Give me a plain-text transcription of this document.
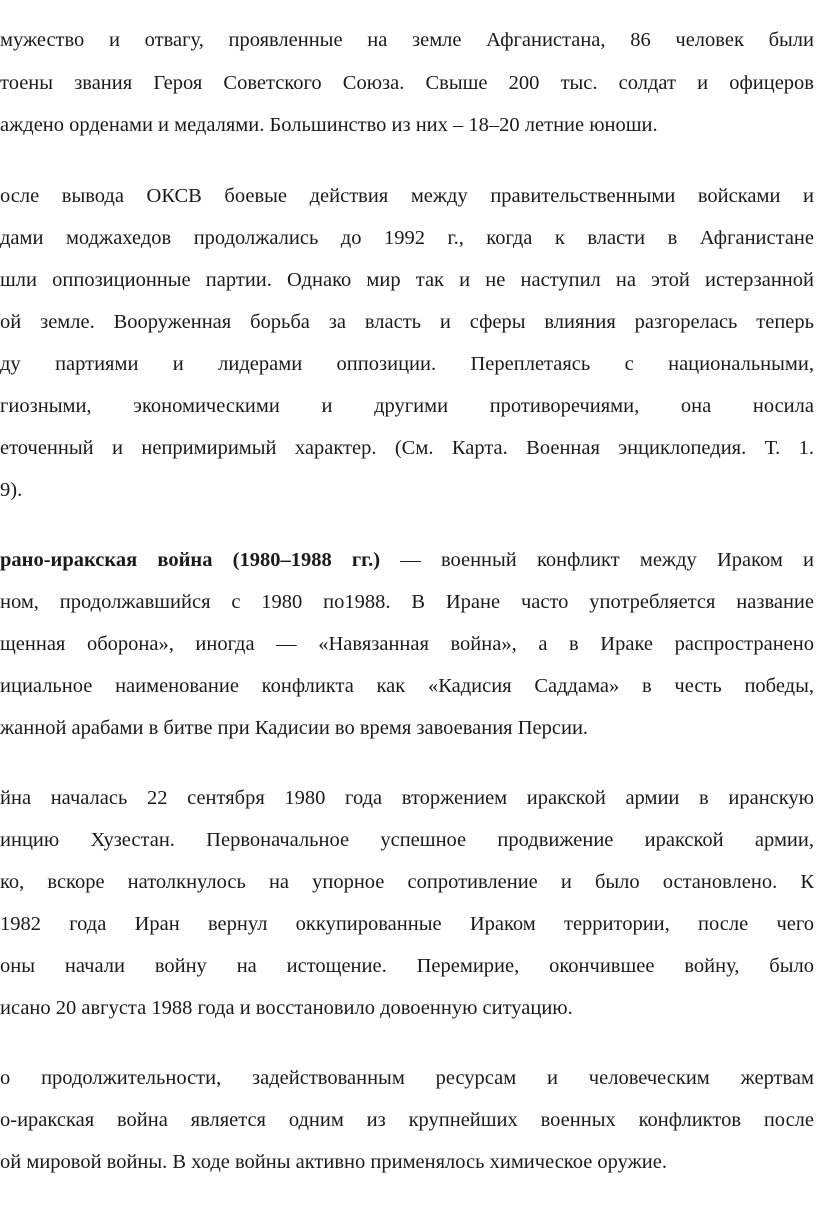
мужество и отвагу, проявленные на земле Афганистана, 86 человек были
тоены звания Героя Советского Союза. Свыше 200 тыс. солдат и офицеров
аждено орденами и медалями. Большинство из них – 18–20 летние юноши.
осле вывода ОКСВ боевые действия между правительственными войсками и
дами моджахедов продолжались до 1992 г., когда к власти в Афганистане
шли оппозиционные партии. Однако мир так и не наступил на этой истерзанной
ой земле. Вооруженная борьба за власть и сферы влияния разгорелась теперь
ду партиями и лидерами оппозиции. Переплетаясь с национальными,
гиозными, экономическими и другими противоречиями, она носила
еточенный и непримиримый характер. (См. Карта. Военная энциклопедия. Т. 1.
9).
рано-иракская война (1980–1988 гг.) — военный конфликт между Ираком и
ном, продолжавшийся с 1980 по1988. В Иране часто употребляется название
щенная оборона», иногда — «Навязанная война», а в Ираке распространено
ициальное наименование конфликта как «Кадисия Саддама» в честь победы,
жанной арабами в битве при Кадисии во время завоевания Персии.
йна началась 22 сентября 1980 года вторжением иракской армии в иранскую
инцию Хузестан. Первоначальное успешное продвижение иракской армии,
ко, вскоре натолкнулось на упорное сопротивление и было остановлено. К
1982 года Иран вернул оккупированные Ираком территории, после чего
оны начали войну на истощение. Перемирие, окончившее войну, было
исано 20 августа 1988 года и восстановило довоенную ситуацию.
о продолжительности, задействованным ресурсам и человеческим жертвам
о-иракская война является одним из крупнейших военных конфликтов после
ой мировой войны. В ходе войны активно применялось химическое оружие.
